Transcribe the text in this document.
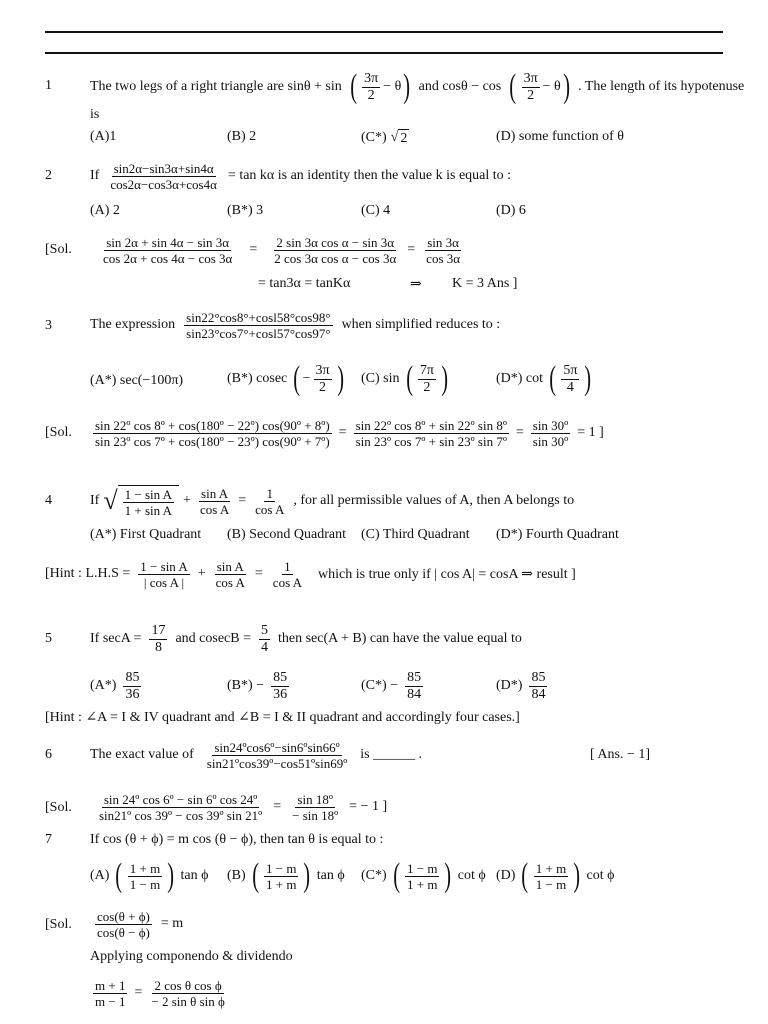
1	The two legs of a right triangle are sinθ + sin ( $\frac{3\pi}{2} - \theta$ ) and cosθ − cos ( $\frac{3\pi}{2} - \theta$ ) . The length of its hypotenuse
is
(A)1	(B) 2	(C*) √ 2	(D) some function of θ
2	If $\frac{\sin 2\alpha-\sin 3\alpha+\sin 4\alpha}{\cos 2\alpha-\cos 3\alpha+\cos 4\alpha} = \tan k\alpha$ is an identity then the value k is equal to :
(A) 2	(B*) 3	(C) 4	(D) 6
[Sol. $\frac{\sin 2\alpha + \sin 4\alpha - \sin 3\alpha}{\cos 2\alpha + \cos 4\alpha - \cos 3\alpha} = \frac{\text{2 sin 3α cos α − sin 3α}}{\text{2 cos 3α cos α − cos 3α}} = \frac{\sin 3\alpha}{\cos 3\alpha}$
= tan3α = tanKα	⇒ K = 3 Ans ]
3	The expression $\frac{\sin 22^\circ\cos 8^\circ+\cos l58^\circ\cos 98^\circ}{\sin 23^\circ\cos 7^\circ+\cos l57^\circ\cos 97^\circ}$ when simplified reduces to :
(A*) sec(−100π)	(B*) cosec ( − $\frac{3\pi}{2}$ ) (C) sin ( $\frac{7\pi}{2}$ )	(D*) cot ( $\frac{5\pi}{4}$ )
[Sol. $\frac{\text{sin 22º cos 8º + cos(180º − 22º) cos(90º + 8º)}}{\text{sin 23º cos 7º + cos(180º − 23º) cos(90º + 7º)}} = \frac{\text{sin 22º cos 8º + sin 22º sin 8º}}{\text{sin 23º cos 7º + sin 23º sin 7º}} = \frac{\text{sin 30º}}{\text{sin 30º}} = 1$ ]
4	If √ $\frac{\text{1 − sin A}}{\text{1 + sin A}} + \frac{\text{sin A}}{\text{cos A}} = \frac{1}{\text{cos A}}$ , for all permissible values of A, then A belongs to
(A*) First Quadrant (B) Second Quadrant (C) Third Quadrant (D*) Fourth Quadrant
[Hint : $L.H.S = \frac{\text{1 − sin A}}{\text{| cos A |}} + \frac{\text{sin A}}{\text{cos A}} = \frac{1}{\text{cos A}}$ which is true only if | cos A| = cosA ⇒ result ]
5	If $\sec A = \frac{17}{8}$ and $cosecB = \frac{5}{4}$ then sec(A + B) can have the value equal to
$(A*) \frac{85}{36}$	$(B*) - \frac{85}{36}$	$(C*) - \frac{85}{84}$	$(D*) \frac{85}{84}$
[Hint : ∠A = I & IV quadrant and ∠B = I & II quadrant and accordingly four cases.]
6	The exact value of $\frac{\text{sin24ºcos6º−sin6ºsin66º}}{\text{sin21ºcos39º−cos51ºsin69º}}$ is ______ .	[ Ans. − 1]
[Sol. $\frac{\text{sin 24º cos 6º − sin 6º cos 24º}}{\text{sin21º cos 39º − cos 39º sin 21º}} = \frac{\text{sin 18º}}{\text{− sin 18º}}$ = − 1 ]
7	If cos (θ + ϕ) = m cos (θ − ϕ), then tan θ is equal to :
(A) ( $\frac{1 + m}{1 - m}$ ) tan ϕ (B) ( $\frac{1 - m}{1 + m}$ ) tan ϕ (C*) ( $\frac{1 - m}{1 + m}$ ) cot ϕ (D) ( $\frac{1 + m}{1 - m}$ ) cot ϕ
[Sol. $\frac{\cos(\theta + \phi)}{\cos(\theta - \phi)} = m$
Applying componendo & dividendo
$\frac{m + 1}{m - 1} = \frac{\text{2 cos θ cos ϕ}}{\text{− 2 sin θ sin ϕ}}$
